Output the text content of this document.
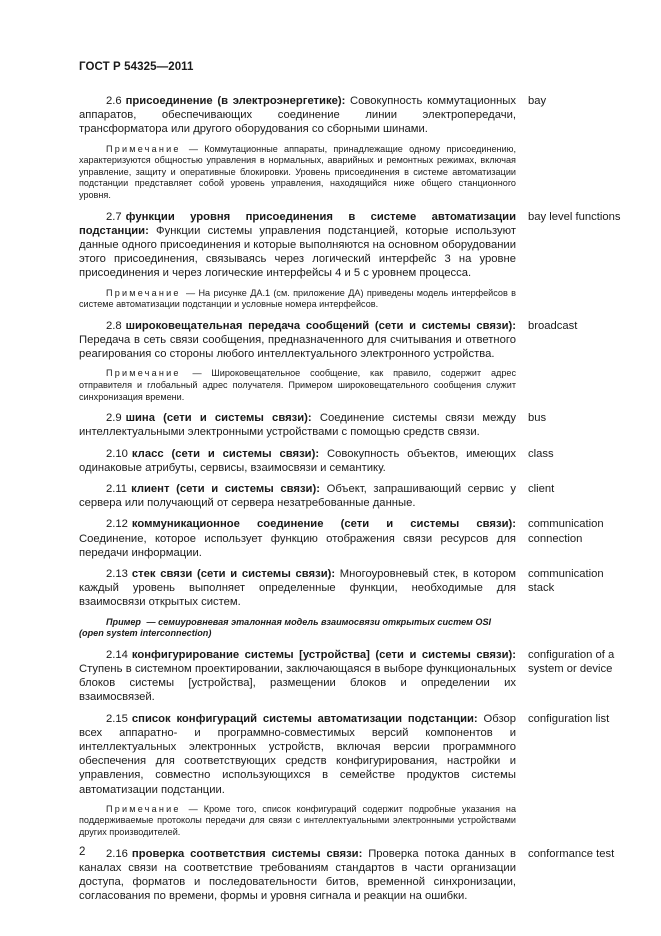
ГОСТ Р 54325—2011
2.6 присоединение (в электроэнергетике): Совокупность коммутационных аппаратов, обеспечивающих соединение линии электропередачи, трансформатора или другого оборудования со сборными шинами.
bay
Примечание — Коммутационные аппараты, принадлежащие одному присоединению, характеризуются общностью управления в нормальных, аварийных и ремонтных режимах, включая управление, защиту и оперативные блокировки. Уровень присоединения в системе автоматизации подстанции представляет собой уровень управления, находящийся ниже общего станционного уровня.
2.7 функции уровня присоединения в системе автоматизации подстанции: Функции системы управления подстанцией, которые используют данные одного присоединения и которые выполняются на основном оборудовании этого присоединения, связываясь через логический интерфейс 3 на уровне присоединения и через логические интерфейсы 4 и 5 с уровнем процесса.
bay level functions
Примечание — На рисунке ДА.1 (см. приложение ДА) приведены модель интерфейсов в системе автоматизации подстанции и условные номера интерфейсов.
2.8 широковещательная передача сообщений (сети и системы связи): Передача в сеть связи сообщения, предназначенного для считывания и ответного реагирования со стороны любого интеллектуального электронного устройства.
broadcast
Примечание — Широковещательное сообщение, как правило, содержит адрес отправителя и глобальный адрес получателя. Примером широковещательного сообщения служит синхронизация времени.
2.9 шина (сети и системы связи): Соединение системы связи между интеллектуальными электронными устройствами с помощью средств связи.
bus
2.10 класс (сети и системы связи): Совокупность объектов, имеющих одинаковые атрибуты, сервисы, взаимосвязи и семантику.
class
2.11 клиент (сети и системы связи): Объект, запрашивающий сервис у сервера или получающий от сервера незатребованные данные.
client
2.12 коммуникационное соединение (сети и системы связи): Соединение, которое использует функцию отображения связи ресурсов для передачи информации.
communication connection
2.13 стек связи (сети и системы связи): Многоуровневый стек, в котором каждый уровень выполняет определенные функции, необходимые для взаимосвязи открытых систем.
communication stack
Пример — семиуровневая эталонная модель взаимосвязи открытых систем OSI (open system interconnection)
2.14 конфигурирование системы [устройства] (сети и системы связи): Ступень в системном проектировании, заключающаяся в выборе функциональных блоков системы [устройства], размещении блоков и определении их взаимосвязей.
configuration of a system or device
2.15 список конфигураций системы автоматизации подстанции: Обзор всех аппаратно- и программно-совместимых версий компонентов и интеллектуальных электронных устройств, включая версии программного обеспечения для соответствующих средств конфигурирования, настройки и управления, совместно использующихся в семействе продуктов системы автоматизации подстанции.
configuration list
Примечание — Кроме того, список конфигураций содержит подробные указания на поддерживаемые протоколы передачи для связи с интеллектуальными электронными устройствами других производителей.
2.16 проверка соответствия системы связи: Проверка потока данных в каналах связи на соответствие требованиям стандартов в части организации доступа, форматов и последовательности битов, временной синхронизации, согласования по времени, формы и уровня сигнала и реакции на ошибки.
conformance test
2
